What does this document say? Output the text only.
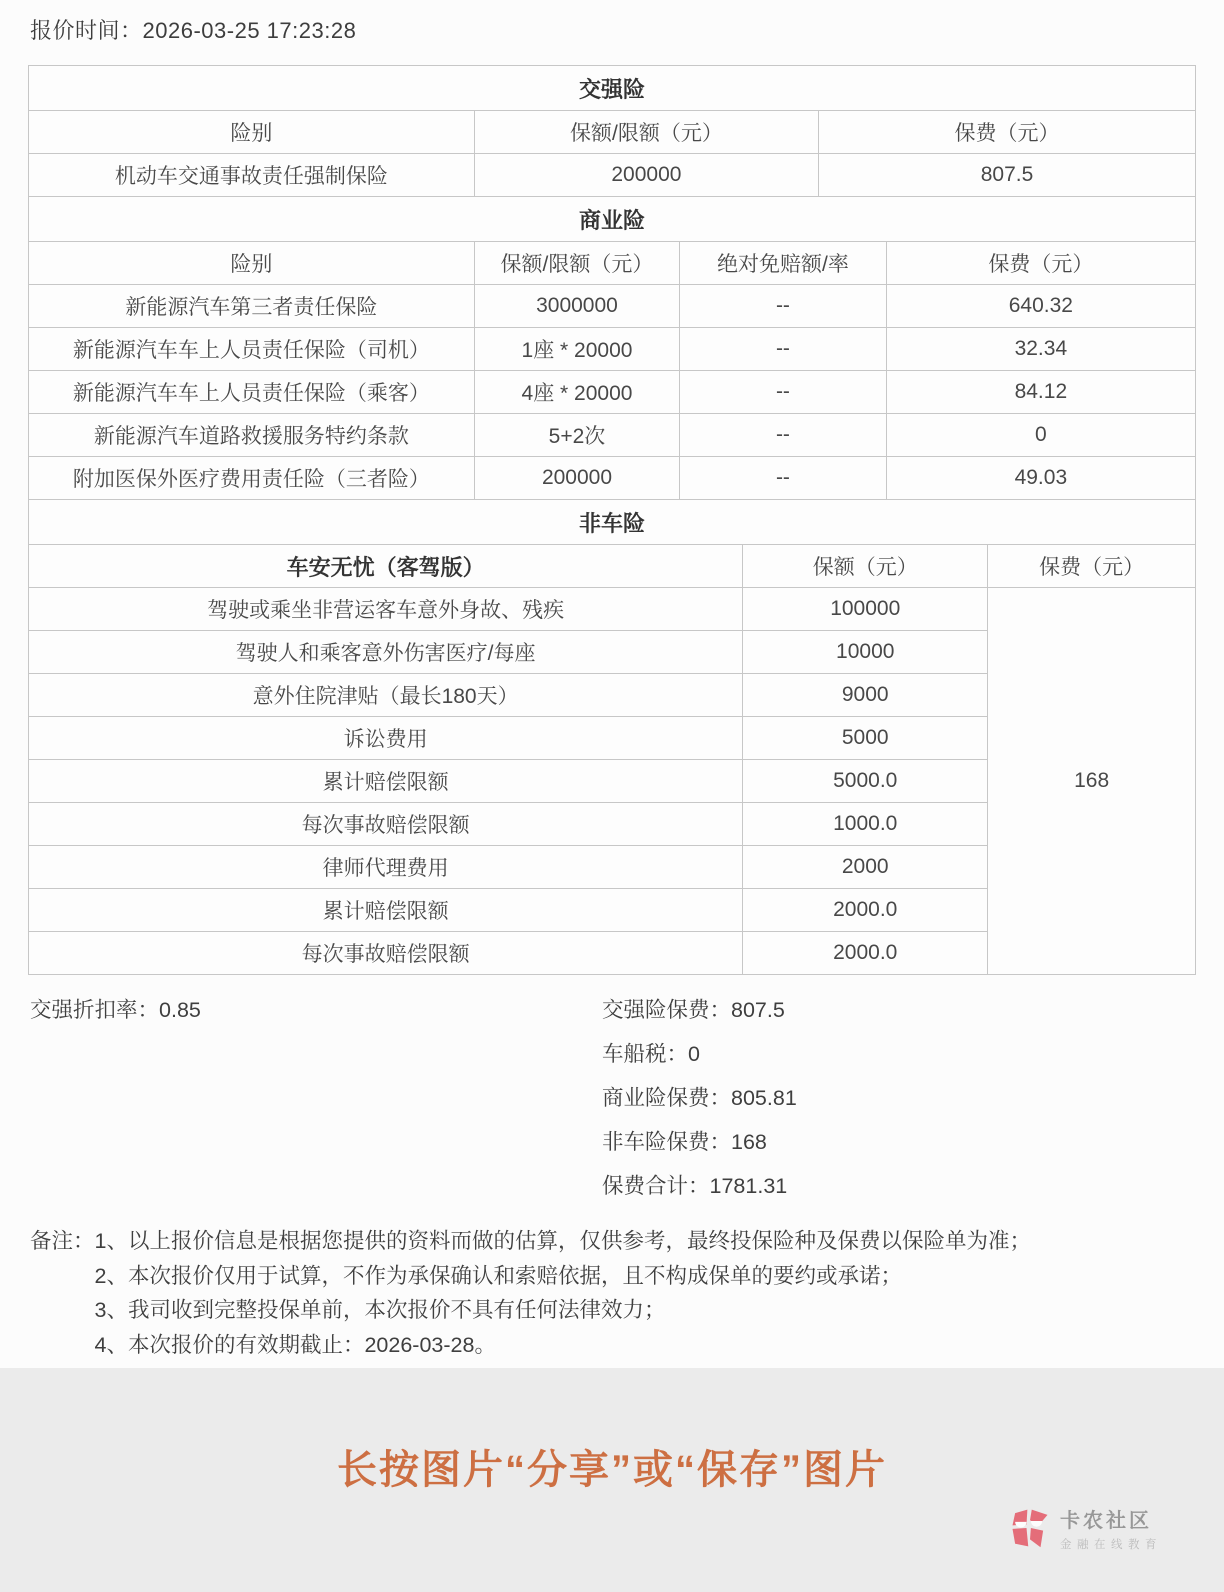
报价时间：2026-03-25 17:23:28
交强险		
险别	保额/限额（元）	保费（元）
机动车交通事故责任强制保险	200000	807.5
商业险			
险别	保额/限额（元）	绝对免赔额/率	保费（元）
新能源汽车第三者责任保险	3000000	--	640.32
新能源汽车车上人员责任保险（司机）	1座 * 20000	--	32.34
新能源汽车车上人员责任保险（乘客）	4座 * 20000	--	84.12
新能源汽车道路救援服务特约条款	5+2次	--	0
附加医保外医疗费用责任险（三者险）	200000	--	49.03
非车险		
车安无忧（客驾版）	保额（元）	保费（元）
驾驶或乘坐非营运客车意外身故、残疾	100000	168
驾驶人和乘客意外伤害医疗/每座	10000	
意外住院津贴（最长180天）	9000	
诉讼费用	5000	
累计赔偿限额	5000.0	
每次事故赔偿限额	1000.0	
律师代理费用	2000	
累计赔偿限额	2000.0	
每次事故赔偿限额	2000.0	
交强折扣率：0.85	交强险保费：807.5
车船税：0
商业险保费：805.81
非车险保费：168
保费合计：1781.31
备注： 1、以上报价信息是根据您提供的资料而做的估算，仅供参考，最终投保险种及保费以保险单为准；
2、本次报价仅用于试算，不作为承保确认和索赔依据，且不构成保单的要约或承诺；
3、我司收到完整投保单前，本次报价不具有任何法律效力；
4、本次报价的有效期截止：2026-03-28。
长按图片“分享”或“保存”图片
卡农社区
金融在线教育
